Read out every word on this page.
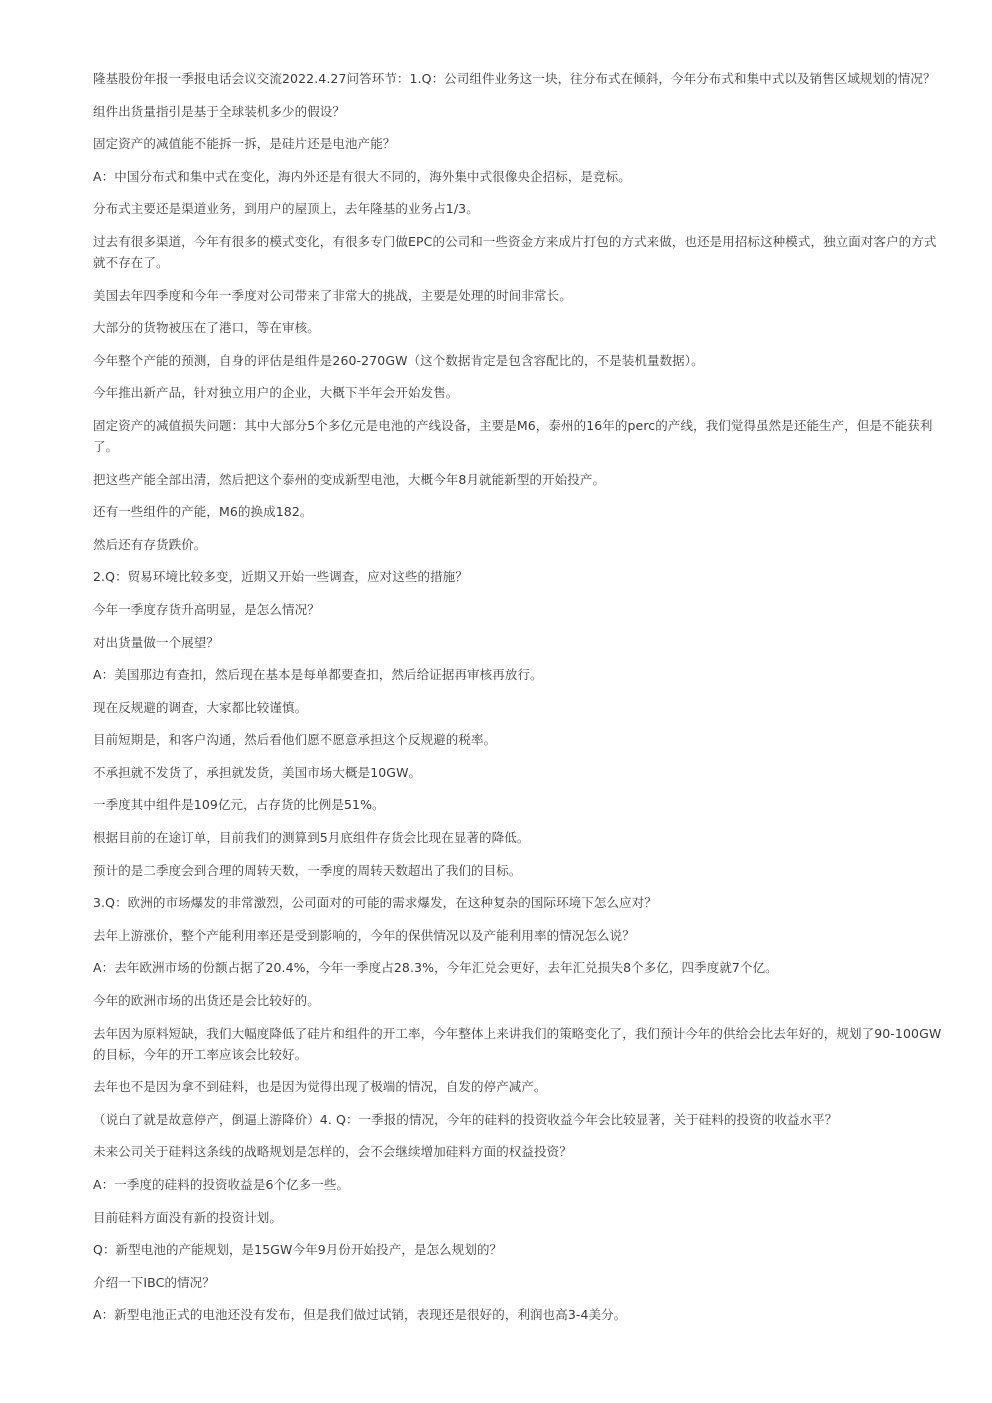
隆基股份年报一季报电话会议交流2022.4.27问答环节：1.Q：公司组件业务这一块，往分布式在倾斜，今年分布式和集中式以及销售区域规划的情况？

组件出货量指引是基于全球装机多少的假设？

固定资产的减值能不能拆一拆，是硅片还是电池产能？

A：中国分布式和集中式在变化，海内外还是有很大不同的，海外集中式很像央企招标，是竞标。

分布式主要还是渠道业务，到用户的屋顶上，去年隆基的业务占1/3。

过去有很多渠道，今年有很多的模式变化，有很多专门做EPC的公司和一些资金方来成片打包的方式来做，也还是用招标这种模式，独立面对客户的方式就不存在了。

美国去年四季度和今年一季度对公司带来了非常大的挑战，主要是处理的时间非常长。

大部分的货物被压在了港口，等在审核。

今年整个产能的预测，自身的评估是组件是260-270GW（这个数据肯定是包含容配比的，不是装机量数据）。

今年推出新产品，针对独立用户的企业，大概下半年会开始发售。

固定资产的减值损失问题：其中大部分5个多亿元是电池的产线设备，主要是M6，泰州的16年的perc的产线，我们觉得虽然是还能生产，但是不能获利了。

把这些产能全部出清，然后把这个泰州的变成新型电池，大概今年8月就能新型的开始投产。

还有一些组件的产能，M6的换成182。

然后还有存货跌价。

2.Q：贸易环境比较多变，近期又开始一些调查，应对这些的措施？

今年一季度存货升高明显，是怎么情况？

对出货量做一个展望？

A：美国那边有查扣，然后现在基本是每单都要查扣，然后给证据再审核再放行。

现在反规避的调查，大家都比较谨慎。

目前短期是，和客户沟通，然后看他们愿不愿意承担这个反规避的税率。

不承担就不发货了，承担就发货，美国市场大概是10GW。

一季度其中组件是109亿元，占存货的比例是51%。

根据目前的在途订单，目前我们的测算到5月底组件存货会比现在显著的降低。

预计的是二季度会到合理的周转天数，一季度的周转天数超出了我们的目标。

3.Q：欧洲的市场爆发的非常激烈，公司面对的可能的需求爆发，在这种复杂的国际环境下怎么应对？

去年上游涨价，整个产能利用率还是受到影响的，今年的保供情况以及产能利用率的情况怎么说？

A：去年欧洲市场的份额占据了20.4%，今年一季度占28.3%，今年汇兑会更好，去年汇兑损失8个多亿，四季度就7个亿。

今年的欧洲市场的出货还是会比较好的。

去年因为原料短缺，我们大幅度降低了硅片和组件的开工率，今年整体上来讲我们的策略变化了，我们预计今年的供给会比去年好的，规划了90-100GW的目标，今年的开工率应该会比较好。

去年也不是因为拿不到硅料，也是因为觉得出现了极端的情况，自发的停产减产。

（说白了就是故意停产，倒逼上游降价）4. Q：一季报的情况，今年的硅料的投资收益今年会比较显著，关于硅料的投资的收益水平？

未来公司关于硅料这条线的战略规划是怎样的，会不会继续增加硅料方面的权益投资？

A：一季度的硅料的投资收益是6个亿多一些。

目前硅料方面没有新的投资计划。

Q：新型电池的产能规划，是15GW今年9月份开始投产，是怎么规划的？

介绍一下IBC的情况？

A：新型电池正式的电池还没有发布，但是我们做过试销，表现还是很好的，利润也高3-4美分。
